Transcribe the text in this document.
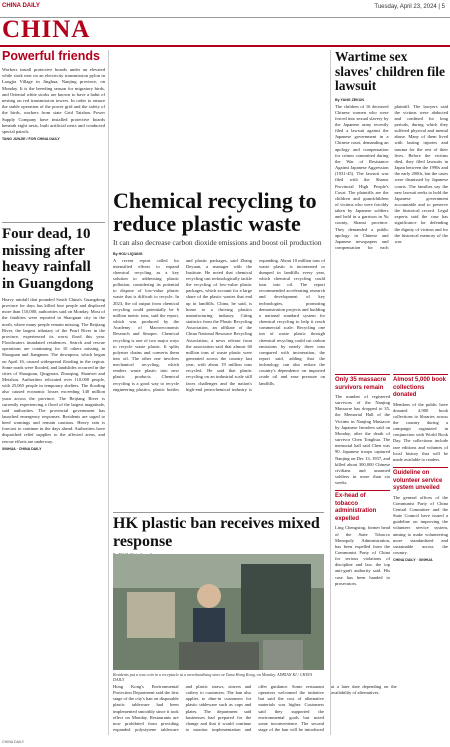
CHINA DAILY	Tuesday, April 23, 2024 | 5
CHINA
Powerful friends
Workers install protective boards under an elevated while stork nest on an electricity transmission pylon in Longjia Village in Jinghua, Nanjing province, on Monday. It is the breeding season for migratory birds, and Oriental white storks are known to have a habit of nesting on red transmission towers. In order to ensure the stable operation of the power grid and the safety of the birds, workers from state Grid Taizhou Power Supply Company have installed protective boards beneath eight nests, built artificial nests and conducted special patrols.
TANG JUNJIE / FOR CHINA DAILY
Four dead, 10 missing after heavy rainfall in Guangdong
Heavy rainfall that pounded South China's Guangdong province for days has killed four people and displaced more than 110,000, authorities said on Monday. Most of the fatalities were reported in Shaoguan city in the north, where many people remain missing. The Beijiang River, the largest tributary of the Pearl River in the province, experienced its worst flood this year. Floodwaters inundated residences. Search and rescue operations are continuing for 10 others missing in Shaoguan and Jiangmen. The downpour, which began on April 16, caused widespread flooding in the region. Some roads were flooded, and landslides occurred in the cities of Shaoguan, Qingyuan, Zhaoqing, Shanwei and Meizhou. Authorities relocated over 110,000 people, with 25,065 people in temporary shelters. The flooding also caused economic losses exceeding 140 million yuan across the province. The Beijiang River is currently experiencing a flood of the largest magnitude, said authorities. The provincial government has launched emergency responses. Residents are urged to heed warnings and remain cautious. Heavy rain is forecast to continue in the days ahead. Authorities have dispatched relief supplies to the affected areas, and rescue efforts are underway.
XINHUA · CHINA DAILY
Chemical recycling to reduce plastic waste
It can also decrease carbon dioxide emissions and boost oil production
By HOU LIQIANG
A recent report called for intensified efforts to expand chemical recycling as a key solution to addressing plastic pollution, considering its potential to dispose of low-value plastic waste that is difficult to recycle. In 2023, the oil output from chemical recycling could potentially be 6 million metric tons, said the report, which was produced by the Academy of Macroeconomic Research and Sinopec. Chemical recycling is one of two major ways to recycle waste plastic. It splits polymer chains and converts them into oil. The other one involves mechanical recycling, which renders waste plastic into new plastic products. Chemical recycling is a good way to recycle engineering plastics, plastic bottles and plastic packages, said Zhang Deyuan, a manager with the Institute. He noted that chemical recycling can technologically tackle the recycling of low-value plastic packages, which account for a large share of the plastic wastes that end up in landfills. China, he said, is home to a thriving plastics manufacturing industry. Citing statistics from the Plastic Recycling Association, an affiliate of the China National Resource Recycling Association, a news release from the association said that almost 60 million tons of waste plastic were generated across the country last year, with about 19 million tons recycled. He said that plastic recycling on an industrial scale still faces challenges and the nation's high-end petrochemical industry is expanding. About 10 million tons of waste plastic is incinerated or dumped in landfills every year, which chemical recycling could turn into oil. The report recommended accelerating research and development of key technologies, promoting demonstration projects and building a national standard system for chemical recycling to help it reach commercial scale. Recycling one ton of waste plastic through chemical recycling could cut carbon emissions by nearly three tons compared with incineration, the report said, adding that the technology can also reduce the country's dependence on imported crude oil and ease pressure on landfills.
HK plastic ban receives mixed response
Residents put a wax coin in a receptacle at a merchandising store at Tamu Hong Kong, on Monday. ADRIAN KI / CHINA DAILY
Hong Kong's Environmental Protection Department said the first stage of the city's ban on disposable plastic tableware had been implemented smoothly since it took effect on Monday. Restaurants are now prohibited from providing expanded polystyrene tableware and plastic straws, stirrers and cutlery to customers. The ban also applies to dine-in customers for plastic tableware such as cups and plates. The department said businesses had prepared for the change and that it would continue to monitor implementation and offer guidance. Some restaurant operators welcomed the initiative but said the cost of alternative materials was higher. Customers said they supported the environmental goals but noted some inconvenience. The second stage of the ban will be introduced at a later date depending on the availability of alternatives.
Wartime sex slaves' children file lawsuit
By YANG ZEKUN
The children of 16 deceased Chinese women who were forced into sexual slavery by the Japanese army recently filed a lawsuit against the Japanese government in a Chinese court, demanding an apology and compensation for crimes committed during the War of Resistance Against Japanese Aggression (1931-45). The lawsuit was filed with the Shanxi Provincial High People's Court. The plaintiffs are the children and grandchildren of victims who were forcibly taken by Japanese soldiers and held in a garrison in Yu county, Shanxi province. They demanded a public apology in Chinese and Japanese newspapers and compensation for each plaintiff. The lawyers said the victims were abducted and confined for long periods, during which they suffered physical and mental abuse. Many of them lived with lasting injuries and trauma for the rest of their lives. Before the victims died, they filed lawsuits in Japan between the 1990s and the early 2000s, but the cases were dismissed by Japanese courts. The families say the new lawsuit seeks to hold the Japanese government accountable and to preserve the historical record. Legal experts said the case has significance for defending the dignity of victims and for the historical memory of the war.
Only 35 massacre survivors remain
The number of registered survivors of the Nanjing Massacre has dropped to 35, the Memorial Hall of the Victims in Nanjing Massacre by Japanese Invaders said on Monday, after the death of survivor Chen Tonghua. The memorial hall said Chen was 90. Japanese troops captured Nanjing on Dec 13, 1937, and killed about 300,000 Chinese civilians and unarmed soldiers in more than six weeks.
Ex-head of tobacco administration expelled
Ling Chengxing, former head of the State Tobacco Monopoly Administration, has been expelled from the Communist Party of China for serious violations of discipline and law, the top anti-graft authority said. His case has been handed to prosecutors.
Almost 5,000 book collections donated
Members of the public have donated 4,900 book collections to libraries across the country during a campaign organized in conjunction with World Book Day. The collections include rare editions and volumes of local history that will be made available to readers.
Guideline on volunteer service system unveiled
The general offices of the Communist Party of China Central Committee and the State Council have issued a guideline on improving the volunteer service system, aiming to make volunteering more standardized and sustainable across the country.
CHINA DAILY · XINHUA
CHINA DAILY
